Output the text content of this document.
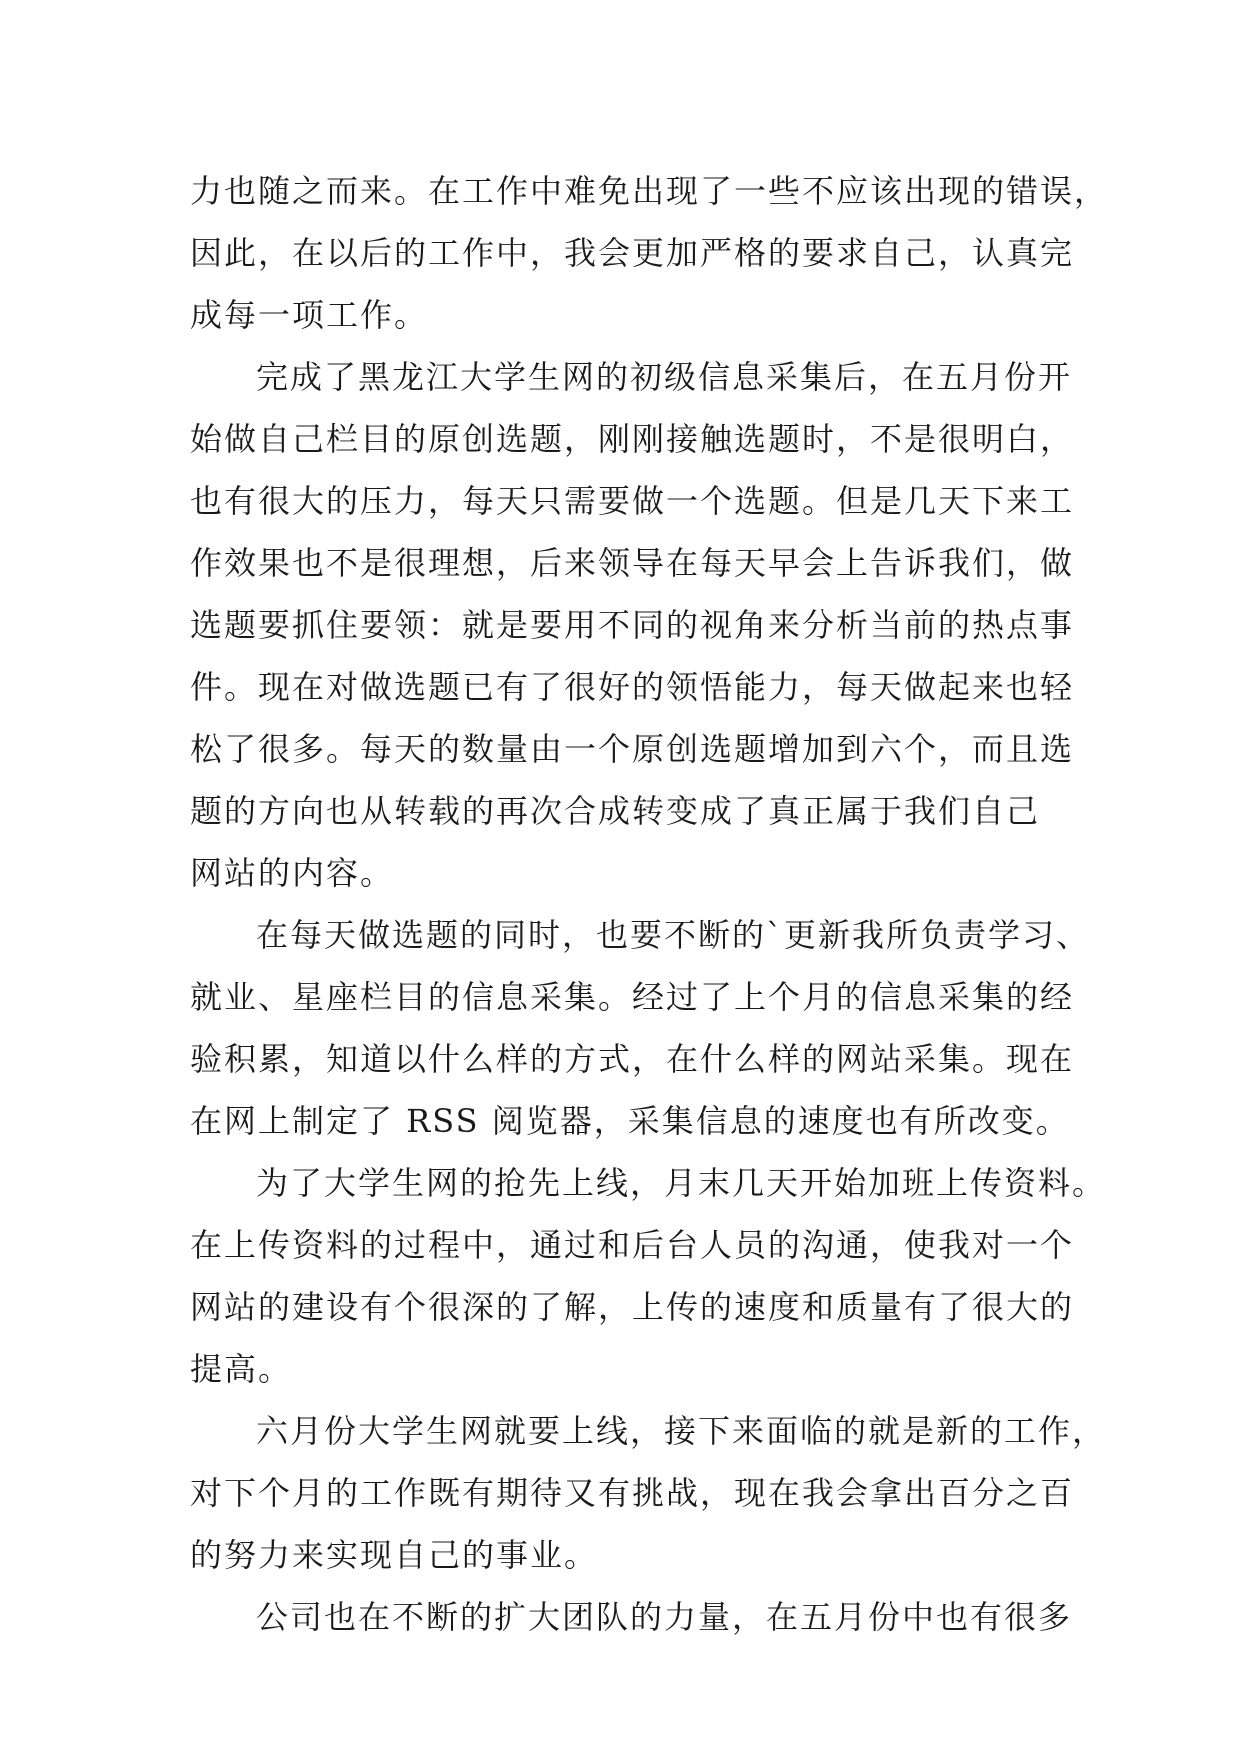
力也随之而来。在工作中难免出现了一些不应该出现的错误，
因此，在以后的工作中，我会更加严格的要求自己，认真完
成每一项工作。
完成了黑龙江大学生网的初级信息采集后，在五月份开
始做自己栏目的原创选题，刚刚接触选题时，不是很明白，
也有很大的压力，每天只需要做一个选题。但是几天下来工
作效果也不是很理想，后来领导在每天早会上告诉我们，做
选题要抓住要领：就是要用不同的视角来分析当前的热点事
件。现在对做选题已有了很好的领悟能力，每天做起来也轻
松了很多。每天的数量由一个原创选题增加到六个，而且选
题的方向也从转载的再次合成转变成了真正属于我们自己
网站的内容。
在每天做选题的同时，也要不断的`更新我所负责学习、
就业、星座栏目的信息采集。经过了上个月的信息采集的经
验积累，知道以什么样的方式，在什么样的网站采集。现在
在网上制定了 RSS 阅览器，采集信息的速度也有所改变。
为了大学生网的抢先上线，月末几天开始加班上传资料。
在上传资料的过程中，通过和后台人员的沟通，使我对一个
网站的建设有个很深的了解，上传的速度和质量有了很大的
提高。
六月份大学生网就要上线，接下来面临的就是新的工作，
对下个月的工作既有期待又有挑战，现在我会拿出百分之百
的努力来实现自己的事业。
公司也在不断的扩大团队的力量，在五月份中也有很多
